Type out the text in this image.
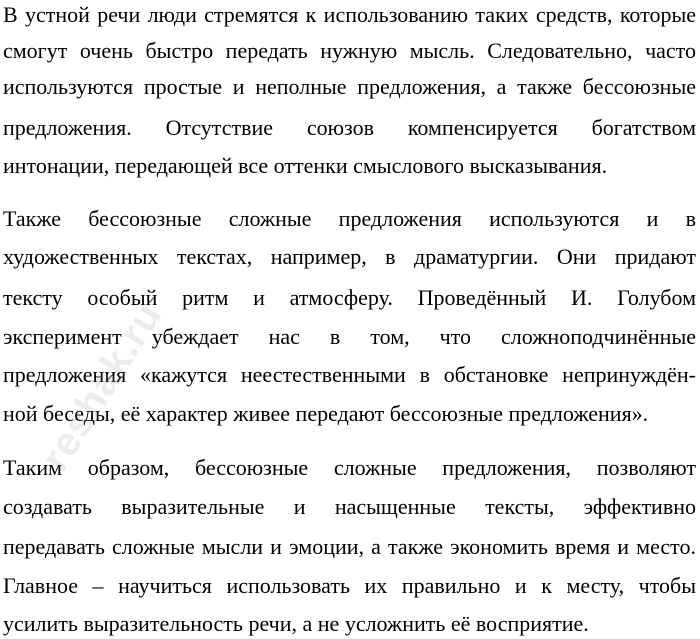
В устной речи люди стремятся к использованию таких средств, которые
смогут очень быстро передать нужную мысль. Следовательно, часто
используются простые и неполные предложения, а также бессоюзные
предложения. Отсутствие союзов компенсируется богатством
интонации, передающей все оттенки смыслового высказывания.
Также бессоюзные сложные предложения используются и в
художественных текстах, например, в драматургии. Они придают
тексту особый ритм и атмосферу. Проведённый И. Голубом
эксперимент убеждает нас в том, что сложноподчинённые
предложения «кажутся неестественными в обстановке непринуждён-
ной беседы, её характер живее передают бессоюзные предложения».
Таким образом, бессоюзные сложные предложения, позволяют
создавать выразительные и насыщенные тексты, эффективно
передавать сложные мысли и эмоции, а также экономить время и место.
Главное – научиться использовать их правильно и к месту, чтобы
усилить выразительность речи, а не усложнить её восприятие.
reshak.ru
